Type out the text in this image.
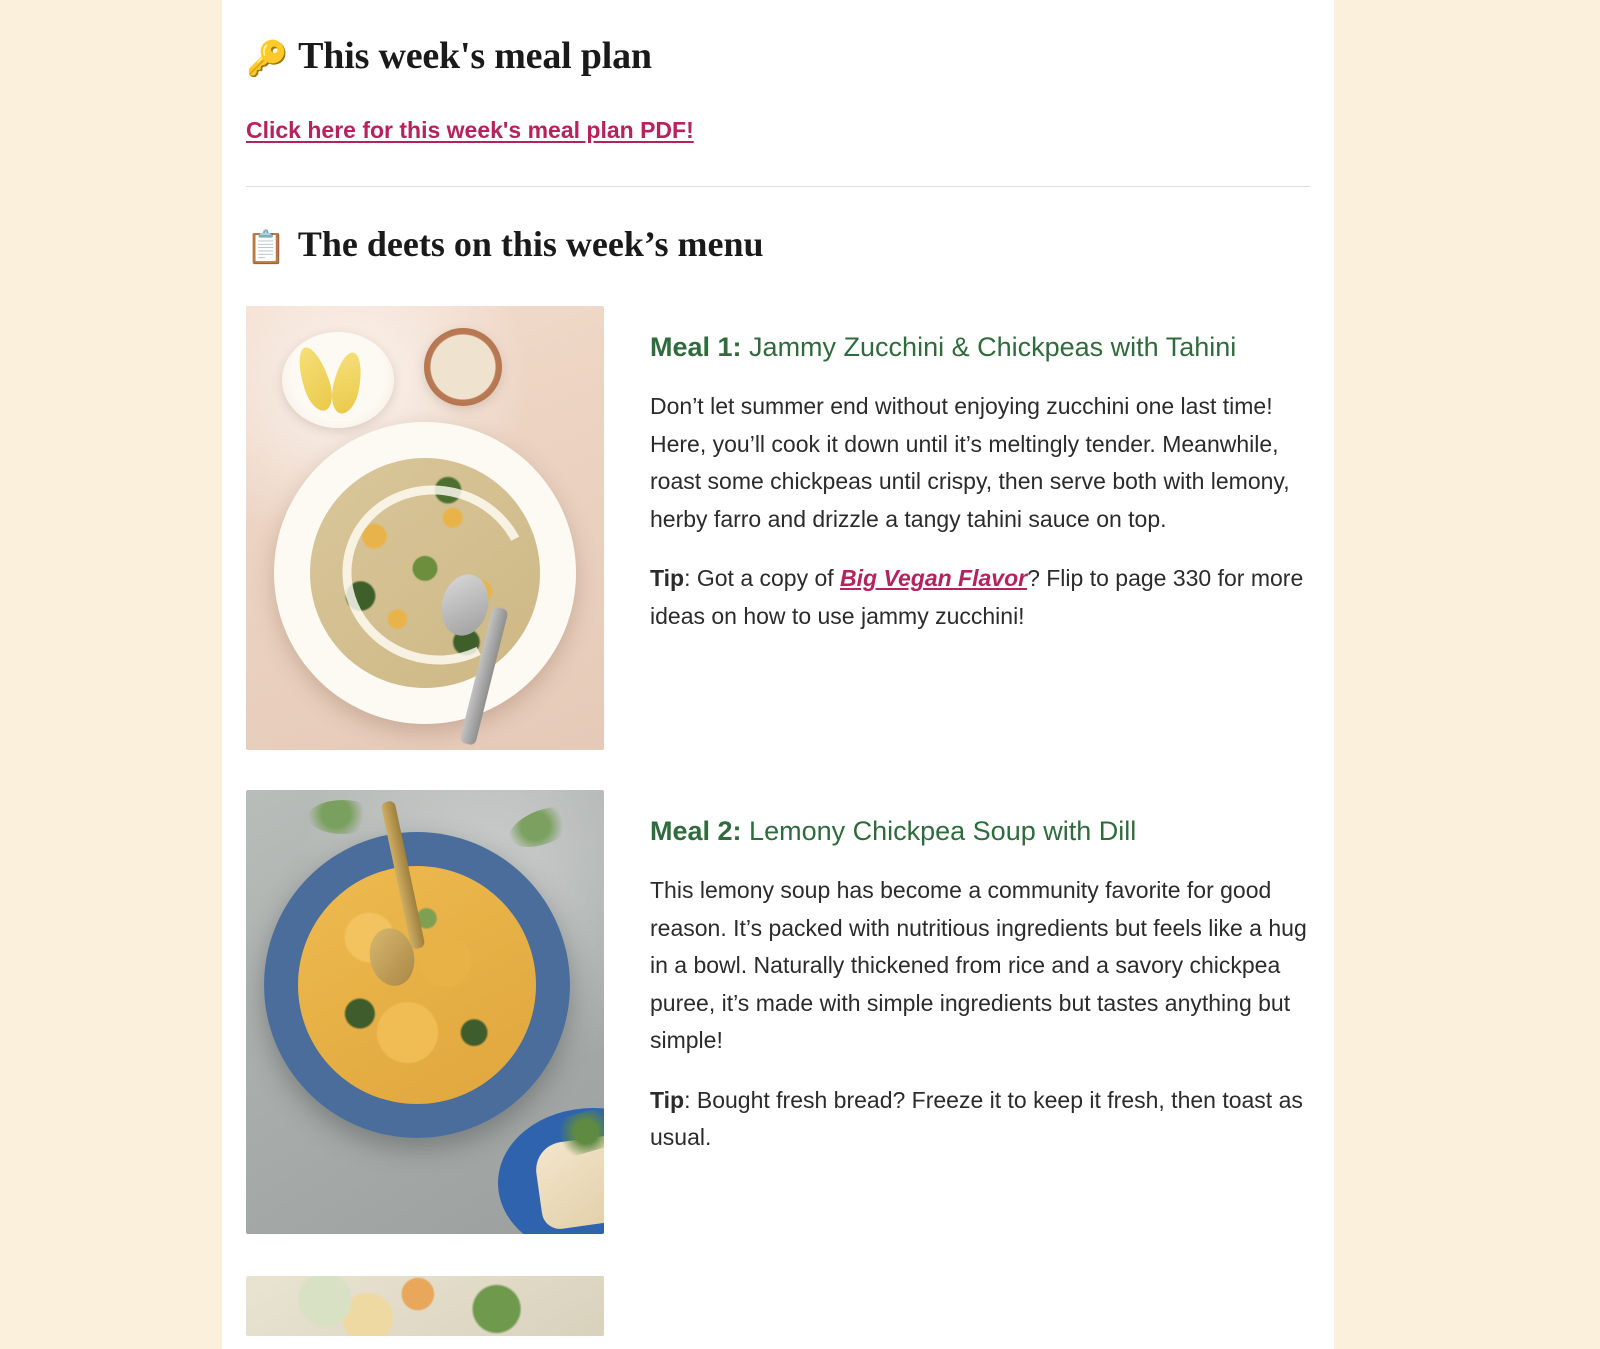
🔑 This week's meal plan
Click here for this week's meal plan PDF!
📋 The deets on this week’s menu
Meal 1: Jammy Zucchini & Chickpeas with Tahini

Don’t let summer end without enjoying zucchini one last time! Here, you’ll cook it down until it’s meltingly tender. Meanwhile, roast some chickpeas until crispy, then serve both with lemony, herby farro and drizzle a tangy tahini sauce on top.

Tip: Got a copy of Big Vegan Flavor? Flip to page 330 for more ideas on how to use jammy zucchini!

Meal 2: Lemony Chickpea Soup with Dill

This lemony soup has become a community favorite for good reason. It’s packed with nutritious ingredients but feels like a hug in a bowl. Naturally thickened from rice and a savory chickpea puree, it’s made with simple ingredients but tastes anything but simple!

Tip: Bought fresh bread? Freeze it to keep it fresh, then toast as usual.
